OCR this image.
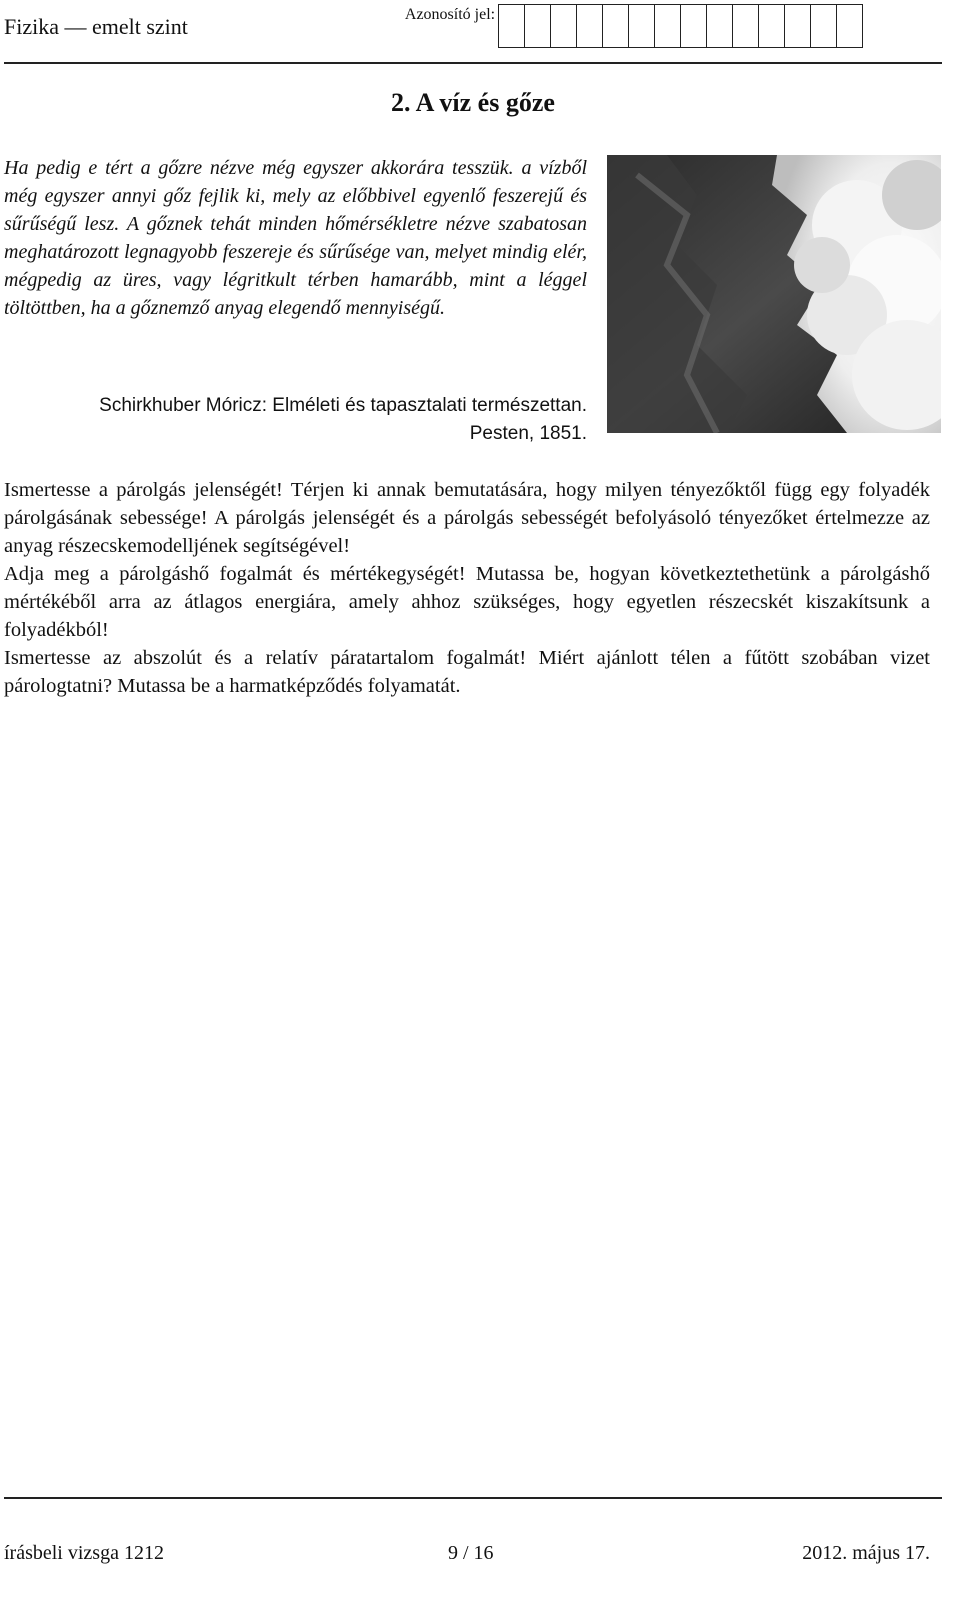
Fizika — emelt szint	Azonosító jel:
2. A víz és gőze
Ha pedig e tért a gőzre nézve még egyszer akkorára tesszük. a vízből még egyszer annyi gőz fejlik ki, mely az előbbivel egyenlő feszerejű és sűrűségű lesz. A gőznek tehát minden hőmérsékletre nézve szabatosan meghatározott legnagyobb feszereje és sűrűsége van, melyet mindig elér, mégpedig az üres, vagy légritkult térben hamarább, mint a léggel töltöttben, ha a gőznemző anyag elegendő mennyiségű.
Schirkhuber Móricz: Elméleti és tapasztalati természettan.
Pesten, 1851.

Ismertesse a párolgás jelenségét! Térjen ki annak bemutatására, hogy milyen tényezőktől függ egy folyadék párolgásának sebessége! A párolgás jelenségét és a párolgás sebességét befolyásoló tényezőket értelmezze az anyag részecskemodelljének segítségével!

Adja meg a párolgáshő fogalmát és mértékegységét! Mutassa be, hogyan következtethetünk a párolgáshő mértékéből arra az átlagos energiára, amely ahhoz szükséges, hogy egyetlen részecskét kiszakítsunk a folyadékból!

Ismertesse az abszolút és a relatív páratartalom fogalmát! Miért ajánlott télen a fűtött szobában vizet párologtatni? Mutassa be a harmatképződés folyamatát.

írásbeli vizsga 1212	9 / 16	2012. május 17.
